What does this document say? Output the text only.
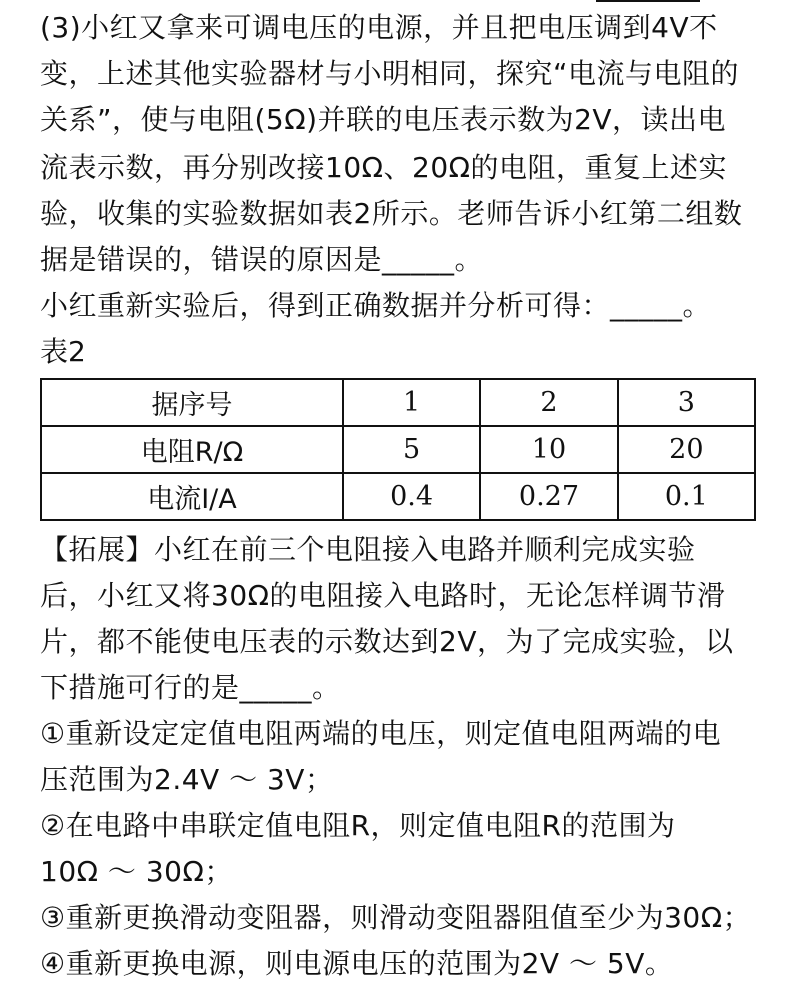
(3)小红又拿来可调电压的电源，并且把电压调到4V不
变，上述其他实验器材与小明相同，探究“电流与电阻的
关系”，使与电阻(5Ω)并联的电压表示数为2V，读出电
流表示数，再分别改接10Ω、20Ω的电阻，重复上述实
验，收集的实验数据如表2所示。老师告诉小红第二组数
据是错误的，错误的原因是_____。
小红重新实验后，得到正确数据并分析可得：_____。
表2
据序号	1	2	3
电阻R/Ω	5	10	20
电流I/A	0.4	0.27	0.1
【拓展】小红在前三个电阻接入电路并顺利完成实验
后，小红又将30Ω的电阻接入电路时，无论怎样调节滑
片，都不能使电压表的示数达到2V，为了完成实验，以
下措施可行的是_____。
①重新设定定值电阻两端的电压，则定值电阻两端的电
压范围为2.4V ～ 3V；
②在电路中串联定值电阻R，则定值电阻R的范围为
10Ω ～ 30Ω；
③重新更换滑动变阻器，则滑动变阻器阻值至少为30Ω；
④重新更换电源，则电源电压的范围为2V ～ 5V。
